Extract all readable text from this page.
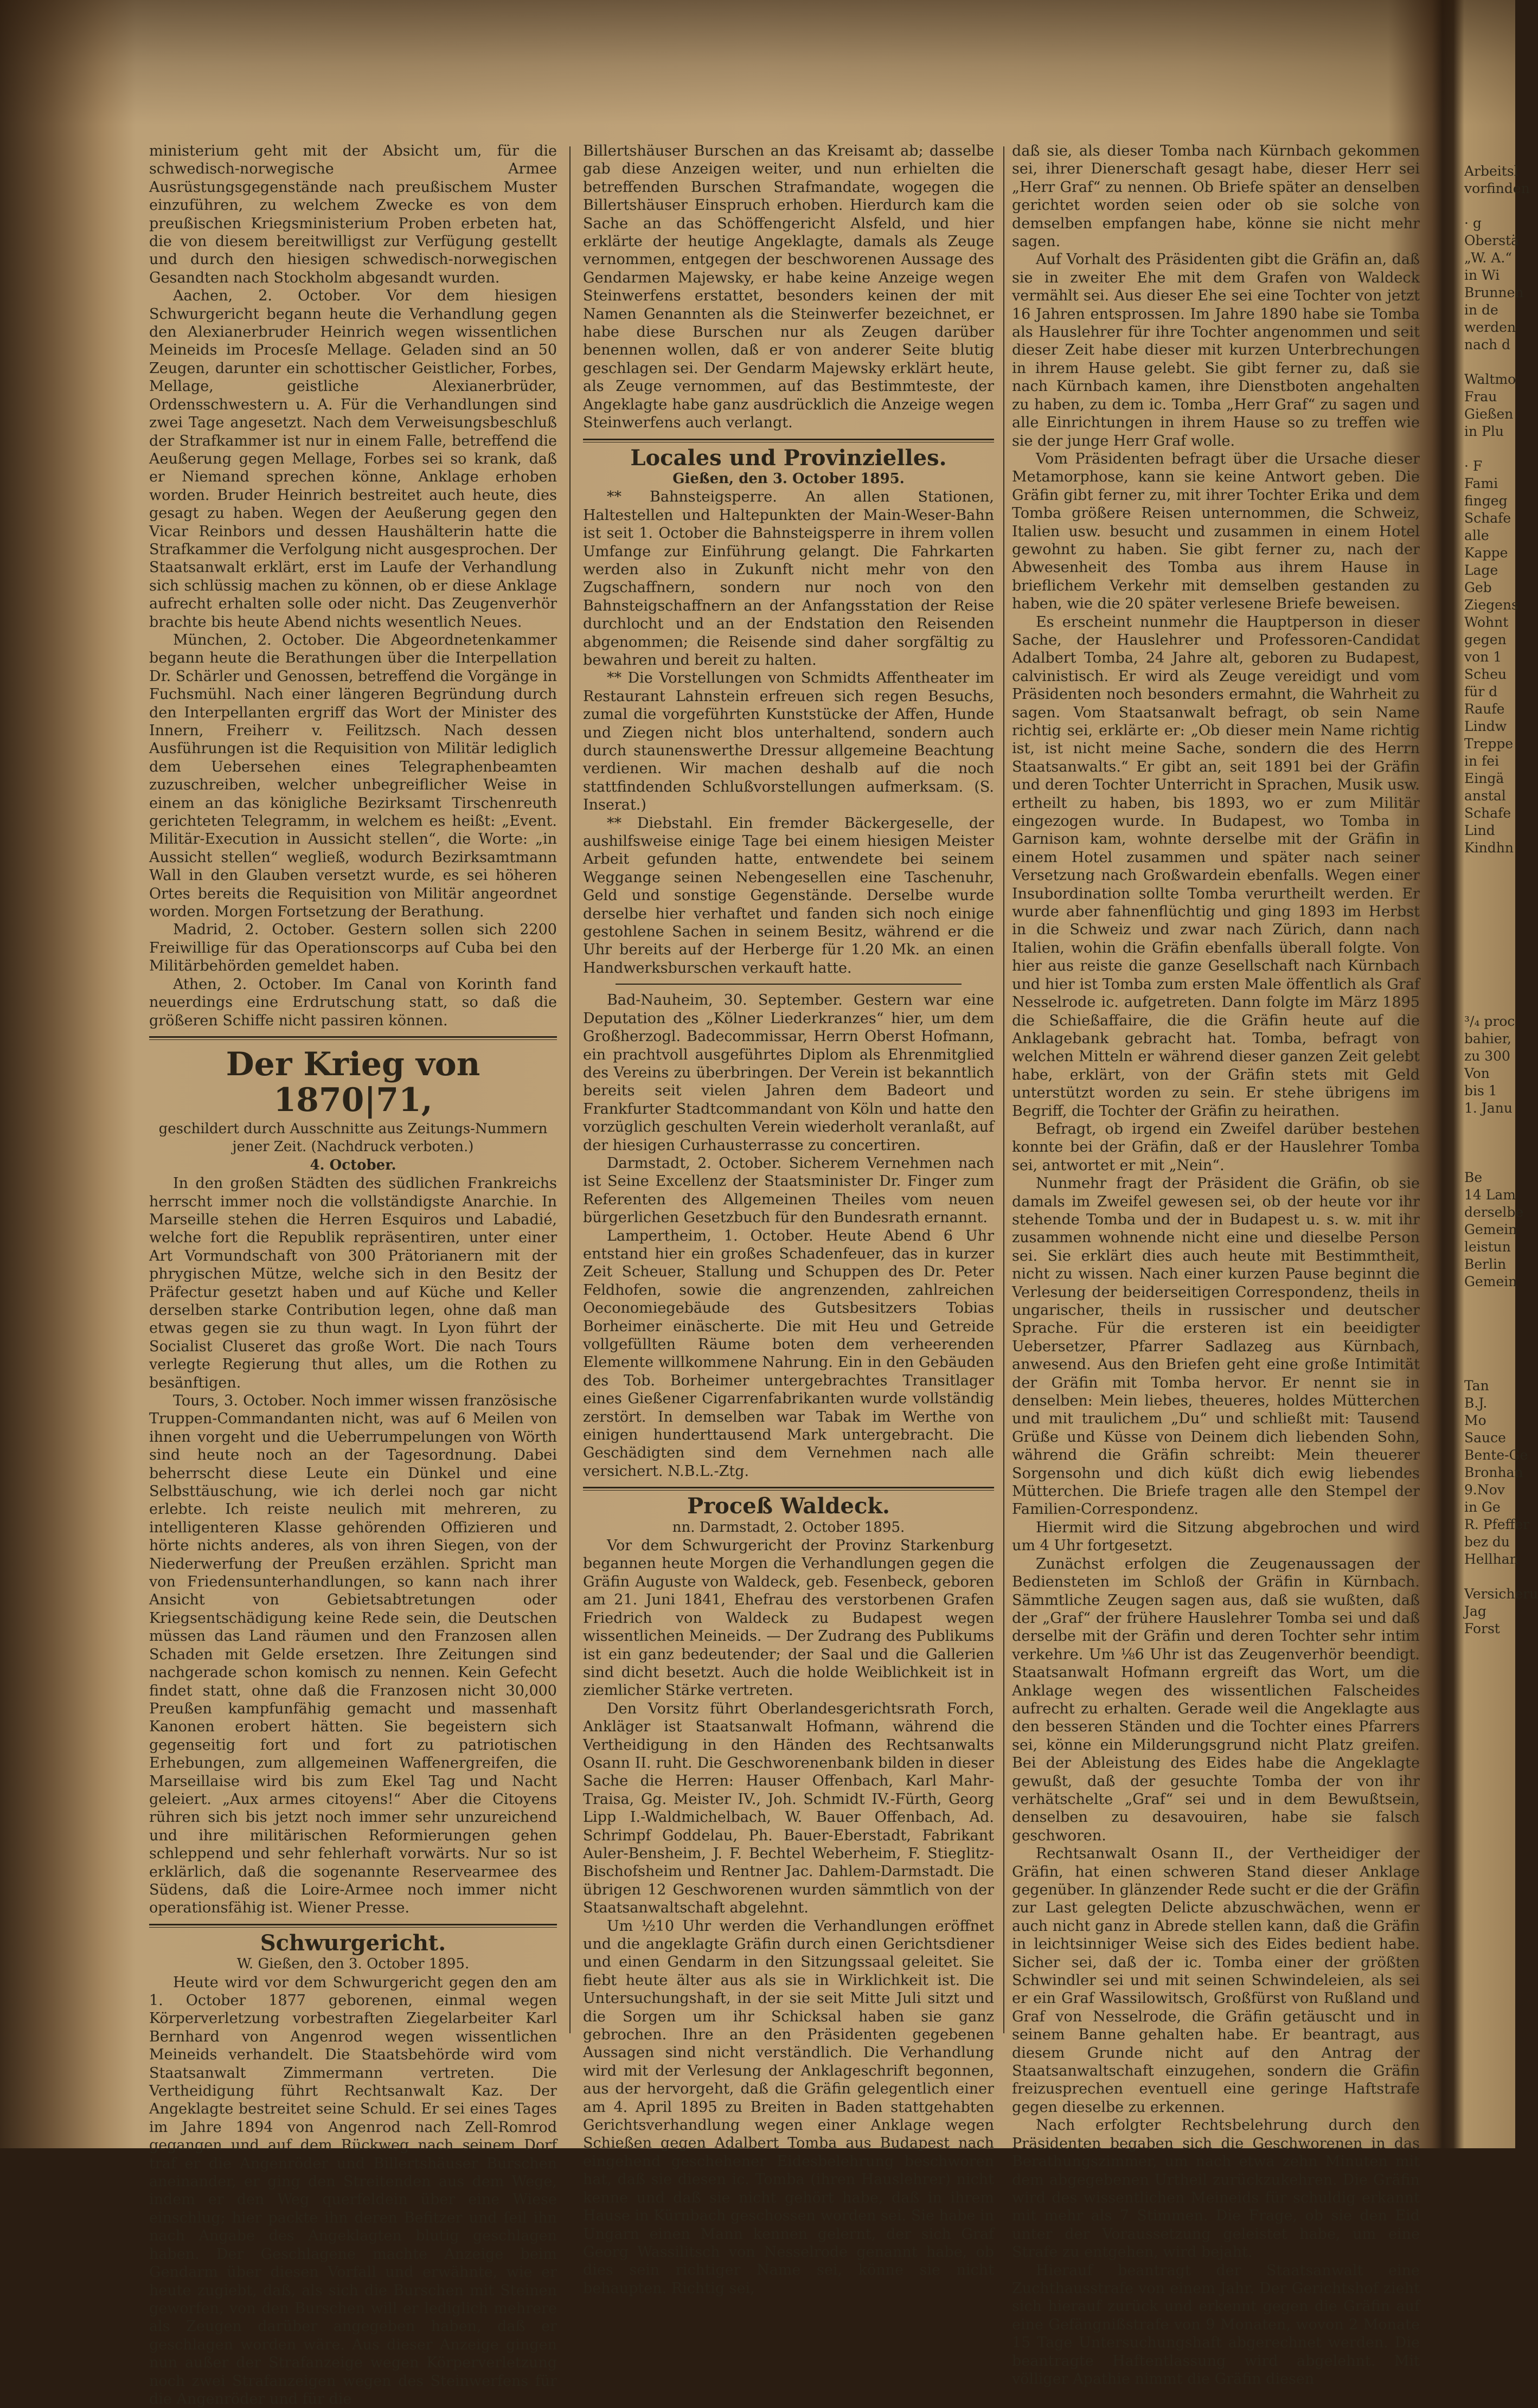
ministerium geht mit der Absicht um, für die schwedisch-norwegische Armee Ausrüstungsgegenstände nach preußischem Muster einzuführen, zu welchem Zwecke es von dem preußischen Kriegsministerium Proben erbeten hat, die von diesem bereitwilligst zur Verfügung gestellt und durch den hiesigen schwedisch-norwegischen Gesandten nach Stockholm abgesandt wurden.

Aachen, 2. October. Vor dem hiesigen Schwurgericht begann heute die Verhandlung gegen den Alexianerbruder Heinrich wegen wissentlichen Meineids im Procesſe Mellage. Geladen sind an 50 Zeugen, darunter ein schottischer Geistlicher, Forbes, Mellage, geistliche Alexianerbrüder, Ordensschwestern u. A. Für die Verhandlungen sind zwei Tage angesetzt. Nach dem Verweisungsbeschluß der Strafkammer ist nur in einem Falle, betreffend die Aeußerung gegen Mellage, Forbes sei so krank, daß er Niemand sprechen könne, Anklage erhoben worden. Bruder Heinrich bestreitet auch heute, dies gesagt zu haben. Wegen der Aeußerung gegen den Vicar Reinbors und dessen Haushälterin hatte die Strafkammer die Verfolgung nicht ausgesprochen. Der Staatsanwalt erklärt, erst im Laufe der Verhandlung sich schlüssig machen zu können, ob er diese Anklage aufrecht erhalten solle oder nicht. Das Zeugenverhör brachte bis heute Abend nichts wesentlich Neues.

München, 2. October. Die Abgeordnetenkammer begann heute die Berathungen über die Interpellation Dr. Schärler und Genossen, betreffend die Vorgänge in Fuchsmühl. Nach einer längeren Begründung durch den Interpellanten ergriff das Wort der Minister des Innern, Freiherr v. Feilitzsch. Nach dessen Ausführungen ist die Requisition von Militär lediglich dem Uebersehen eines Telegraphenbeamten zuzuschreiben, welcher unbegreiflicher Weise in einem an das königliche Bezirksamt Tirschenreuth gerichteten Telegramm, in welchem es heißt: „Event. Militär-Execution in Aussicht stellen“, die Worte: „in Aussicht stellen“ wegließ, wodurch Bezirksamtmann Wall in den Glauben versetzt wurde, es sei höheren Ortes bereits die Requisition von Militär angeordnet worden. Morgen Fortsetzung der Berathung.

Madrid, 2. October. Gestern sollen sich 2200 Freiwillige für das Operationscorps auf Cuba bei den Militärbehörden gemeldet haben.

Athen, 2. October. Im Canal von Korinth fand neuerdings eine Erdrutschung statt, so daß die größeren Schiffe nicht passiren können.

Der Krieg von 1870|71,

geschildert durch Ausschnitte aus Zeitungs-Nummern jener Zeit. (Nachdruck verboten.)

4. October.

In den großen Städten des südlichen Frankreichs herrscht immer noch die vollständigste Anarchie. In Marseille stehen die Herren Esquiros und Labadié, welche fort die Republik repräsentiren, unter einer Art Vormundschaft von 300 Prätorianern mit der phrygischen Mütze, welche sich in den Besitz der Präfectur gesetzt haben und auf Küche und Keller derselben starke Contribution legen, ohne daß man etwas gegen sie zu thun wagt. In Lyon führt der Socialist Cluseret das große Wort. Die nach Tours verlegte Regierung thut alles, um die Rothen zu besänftigen.

Tours, 3. October. Noch immer wissen französische Truppen-Commandanten nicht, was auf 6 Meilen von ihnen vorgeht und die Ueberrumpelungen von Wörth sind heute noch an der Tagesordnung. Dabei beherrscht diese Leute ein Dünkel und eine Selbsttäuschung, wie ich derlei noch gar nicht erlebte. Ich reiste neulich mit mehreren, zu intelligenteren Klasse gehörenden Offizieren und hörte nichts anderes, als von ihren Siegen, von der Niederwerfung der Preußen erzählen. Spricht man von Friedensunterhandlungen, so kann nach ihrer Ansicht von Gebietsabtretungen oder Kriegsentschädigung keine Rede sein, die Deutschen müssen das Land räumen und den Franzosen allen Schaden mit Gelde ersetzen. Ihre Zeitungen sind nachgerade schon komisch zu nennen. Kein Gefecht findet statt, ohne daß die Franzosen nicht 30,000 Preußen kampfunfähig gemacht und massenhaft Kanonen erobert hätten. Sie begeistern sich gegenseitig fort und fort zu patriotischen Erhebungen, zum allgemeinen Waffenergreifen, die Marseillaise wird bis zum Ekel Tag und Nacht geleiert. „Aux armes citoyens!“ Aber die Citoyens rühren sich bis jetzt noch immer sehr unzureichend und ihre militärischen Reformierungen gehen schleppend und sehr fehlerhaft vorwärts. Nur so ist erklärlich, daß die sogenannte Reservearmee des Südens, daß die Loire-Armee noch immer nicht operationsfähig ist. Wiener Presse.

Schwurgericht.

W. Gießen, den 3. October 1895.

Heute wird vor dem Schwurgericht gegen den am 1. October 1877 geborenen, einmal wegen Körperverletzung vorbestraften Ziegelarbeiter Karl Bernhard von Angenrod wegen wissentlichen Meineids verhandelt. Die Staatsbehörde wird vom Staatsanwalt Zimmermann vertreten. Die Vertheidigung führt Rechtsanwalt Kaz. Der Angeklagte bestreitet seine Schuld. Er sei eines Tages im Jahre 1894 von Angenrod nach Zell-Romrod gegangen und auf dem Rückweg nach seinem Dorf traf er die Angenröder und Billertshäuser Burschen aneinander, er ging den Streitenden aus dem Wege, indem er den Weg querfeldein über eine Wiese einschlug; hier packte ihn deren Befitzer und ſeil ihn nach Angabe des Angeklagten blutig geschlagen haben. Der Geschlagene machte Anzeige beim Gendarm über diesen Vorfall und erwähnte, wie er heute zugiebt, daß, als sich die Burschen mit Steinen geworfen, von den Burschen will er lediglich mehrere als Zeugen darüber angegeben haben, daß er geschlagen worden wäre. Aus dieser Anzeige gingen nun außer der Strafanzeige wegen Körperverletzung noch zwei Strafanzeigen wegen des Steinwerfens für die Angenröder und für die

Billertshäuser Burschen an das Kreisamt ab; dasselbe gab diese Anzeigen weiter, und nun erhielten die betreffenden Burschen Strafmandate, wogegen die Billertshäuser Einspruch erhoben. Hierdurch kam die Sache an das Schöffengericht Alsfeld, und hier erklärte der heutige Angeklagte, damals als Zeuge vernommen, entgegen der beschworenen Aussage des Gendarmen Majewsky, er habe keine Anzeige wegen Steinwerfens erstattet, besonders keinen der mit Namen Genannten als die Steinwerfer bezeichnet, er habe diese Burschen nur als Zeugen darüber benennen wollen, daß er von anderer Seite blutig geschlagen sei. Der Gendarm Majewsky erklärt heute, als Zeuge vernommen, auf das Bestimmteste, der Angeklagte habe ganz ausdrücklich die Anzeige wegen Steinwerfens auch verlangt.

Locales und Provinzielles.

Gießen, den 3. October 1895.

** Bahnsteigsperre. An allen Stationen, Haltestellen und Haltepunkten der Main-Weser-Bahn ist seit 1. October die Bahnsteigsperre in ihrem vollen Umfange zur Einführung gelangt. Die Fahrkarten werden also in Zukunft nicht mehr von den Zugschaffnern, sondern nur noch von den Bahnsteigschaffnern an der Anfangsstation der Reise durchlocht und an der Endstation den Reisenden abgenommen; die Reisende sind daher sorgfältig zu bewahren und bereit zu halten.

** Die Vorstellungen von Schmidts Affentheater im Restaurant Lahnstein erfreuen sich regen Besuchs, zumal die vorgeführten Kunststücke der Affen, Hunde und Ziegen nicht blos unterhaltend, sondern auch durch staunenswerthe Dressur allgemeine Beachtung verdienen. Wir machen deshalb auf die noch stattfindenden Schlußvorstellungen aufmerksam. (S. Inserat.)

** Diebstahl. Ein fremder Bäckergeselle, der aushilfsweise einige Tage bei einem hiesigen Meister Arbeit gefunden hatte, entwendete bei seinem Weggange seinen Nebengesellen eine Taschenuhr, Geld und sonstige Gegenstände. Derselbe wurde derselbe hier verhaftet und fanden sich noch einige gestohlene Sachen in seinem Besitz, während er die Uhr bereits auf der Herberge für 1.20 Mk. an einen Handwerksburschen verkauft hatte.

Bad-Nauheim, 30. September. Gestern war eine Deputation des „Kölner Liederkranzes“ hier, um dem Großherzogl. Badecommissar, Herrn Oberst Hofmann, ein prachtvoll ausgeführtes Diplom als Ehrenmitglied des Vereins zu überbringen. Der Verein ist bekanntlich bereits seit vielen Jahren dem Badeort und Frankfurter Stadtcommandant von Köln und hatte den vorzüglich geschulten Verein wiederholt veranlaßt, auf der hiesigen Curhausterrasse zu concertiren.

Darmstadt, 2. October. Sicherem Vernehmen nach ist Seine Excellenz der Staatsminister Dr. Finger zum Referenten des Allgemeinen Theiles vom neuen bürgerlichen Gesetzbuch für den Bundesrath ernannt.

Lampertheim, 1. October. Heute Abend 6 Uhr entstand hier ein großes Schadenfeuer, das in kurzer Zeit Scheuer, Stallung und Schuppen des Dr. Peter Feldhofen, sowie die angrenzenden, zahlreichen Oeconomiegebäude des Gutsbesitzers Tobias Borheimer einäscherte. Die mit Heu und Getreide vollgefüllten Räume boten dem verheerenden Elemente willkommene Nahrung. Ein in den Gebäuden des Tob. Borheimer untergebrachtes Transitlager eines Gießener Cigarrenfabrikanten wurde vollständig zerstört. In demselben war Tabak im Werthe von einigen hunderttausend Mark untergebracht. Die Geschädigten sind dem Vernehmen nach alle versichert. N.B.L.-Ztg.

Proceß Waldeck.

nn. Darmstadt, 2. October 1895.

Vor dem Schwurgericht der Provinz Starkenburg begannen heute Morgen die Verhandlungen gegen die Gräfin Auguste von Waldeck, geb. Fesenbeck, geboren am 21. Juni 1841, Ehefrau des verstorbenen Grafen Friedrich von Waldeck zu Budapest wegen wissentlichen Meineids. — Der Zudrang des Publikums ist ein ganz bedeutender; der Saal und die Gallerien sind dicht besetzt. Auch die holde Weiblichkeit ist in ziemlicher Stärke vertreten.

Den Vorsitz führt Oberlandesgerichtsrath Forch, Ankläger ist Staatsanwalt Hofmann, während die Vertheidigung in den Händen des Rechtsanwalts Osann II. ruht. Die Geschworenenbank bilden in dieser Sache die Herren: Hauser Offenbach, Karl Mahr-Traisa, Gg. Meister IV., Joh. Schmidt IV.-Fürth, Georg Lipp I.-Waldmichelbach, W. Bauer Offenbach, Ad. Schrimpf Goddelau, Ph. Bauer-Eberstadt, Fabrikant Auler-Bensheim, J. F. Bechtel Weberheim, F. Stieglitz-Bischofsheim und Rentner Jac. Dahlem-Darmstadt. Die übrigen 12 Geschworenen wurden sämmtlich von der Staatsanwaltschaft abgelehnt.

Um ½10 Uhr werden die Verhandlungen eröffnet und die angeklagte Gräfin durch einen Gerichtsdiener und einen Gendarm in den Sitzungssaal geleitet. Sie fiebt heute älter aus als sie in Wirklichkeit ist. Die Untersuchungshaft, in der sie seit Mitte Juli sitzt und die Sorgen um ihr Schicksal haben sie ganz gebrochen. Ihre an den Präsidenten gegebenen Aussagen sind nicht verständlich. Die Verhandlung wird mit der Verlesung der Anklageschrift begonnen, aus der hervorgeht, daß die Gräfin gelegentlich einer am 4. April 1895 zu Breiten in Baden stattgehabten Gerichtsverhandlung wegen einer Anklage wegen Schießen gegen Adalbert Tomba aus Budapest nach eingehend geschehener Eidesbelehrung beschworen hat, daß sie diesen ic. Tomba (ihren Hauslehrer) nicht kenne und daß sie nicht gehört habe, daß in ihrem Hause in Kürnbach geschossen worden sei. Sie habe in Ungarn einen Mann kennen gelernt, der sich Graf Georg Wassilitsch von Nesselrode genannt habe, ob dies sein richtiger Name sei, könne sie nicht behaupten. Richtig sei,

daß sie, als dieser Tomba nach Kürnbach gekommen sei, ihrer Dienerschaft gesagt habe, dieser Herr sei „Herr Graf“ zu nennen. Ob Briefe später an denselben gerichtet worden seien oder ob sie solche von demselben empfangen habe, könne sie nicht mehr sagen.

Auf Vorhalt des Präsidenten gibt die Gräfin an, daß sie in zweiter Ehe mit dem Grafen von Waldeck vermählt sei. Aus dieser Ehe sei eine Tochter von jetzt 16 Jahren entsprossen. Im Jahre 1890 habe sie Tomba als Hauslehrer für ihre Tochter angenommen und seit dieser Zeit habe dieser mit kurzen Unterbrechungen in ihrem Hause gelebt. Sie gibt ferner zu, daß sie nach Kürnbach kamen, ihre Dienstboten angehalten zu haben, zu dem ic. Tomba „Herr Graf“ zu sagen und alle Einrichtungen in ihrem Hause so zu treffen wie sie der junge Herr Graf wolle.

Vom Präsidenten befragt über die Ursache dieser Metamorphose, kann sie keine Antwort geben. Die Gräfin gibt ferner zu, mit ihrer Tochter Erika und dem Tomba größere Reisen unternommen, die Schweiz, Italien usw. besucht und zusammen in einem Hotel gewohnt zu haben. Sie gibt ferner zu, nach der Abwesenheit des Tomba aus ihrem Hause in brieflichem Verkehr mit demselben gestanden zu haben, wie die 20 später verlesene Briefe beweisen.

Es erscheint nunmehr die Hauptperson in dieser Sache, der Hauslehrer und Professoren-Candidat Adalbert Tomba, 24 Jahre alt, geboren zu Budapest, calvinistisch. Er wird als Zeuge vereidigt und vom Präsidenten noch besonders ermahnt, die Wahrheit zu sagen. Vom Staatsanwalt befragt, ob sein Name richtig sei, erklärte er: „Ob dieser mein Name richtig ist, ist nicht meine Sache, sondern die des Herrn Staatsanwalts.“ Er gibt an, seit 1891 bei der Gräfin und deren Tochter Unterricht in Sprachen, Musik usw. ertheilt zu haben, bis 1893, wo er zum Militär eingezogen wurde. In Budapest, wo Tomba in Garnison kam, wohnte derselbe mit der Gräfin in einem Hotel zusammen und später nach seiner Versetzung nach Großwardein ebenfalls. Wegen einer Insubordination sollte Tomba verurtheilt werden. Er wurde aber fahnenflüchtig und ging 1893 im Herbst in die Schweiz und zwar nach Zürich, dann nach Italien, wohin die Gräfin ebenfalls überall folgte. Von hier aus reiste die ganze Gesellschaft nach Kürnbach und hier ist Tomba zum ersten Male öffentlich als Graf Nesselrode ic. aufgetreten. Dann folgte im März 1895 die Schießaffaire, die die Gräfin heute auf die Anklagebank gebracht hat. Tomba, befragt von welchen Mitteln er während dieser ganzen Zeit gelebt habe, erklärt, von der Gräfin stets mit Geld unterstützt worden zu sein. Er stehe übrigens im Begriff, die Tochter der Gräfin zu heirathen.

Befragt, ob irgend ein Zweifel darüber bestehen konnte bei der Gräfin, daß er der Hauslehrer Tomba sei, antwortet er mit „Nein“.

Nunmehr fragt der Präsident die Gräfin, ob sie damals im Zweifel gewesen sei, ob der heute vor ihr stehende Tomba und der in Budapest u. s. w. mit ihr zusammen wohnende nicht eine und dieselbe Person sei. Sie erklärt dies auch heute mit Bestimmtheit, nicht zu wissen. Nach einer kurzen Pause beginnt die Verlesung der beiderseitigen Correspondenz, theils in ungarischer, theils in russischer und deutscher Sprache. Für die ersteren ist ein beeidigter Uebersetzer, Pfarrer Sadlazeg aus Kürnbach, anwesend. Aus den Briefen geht eine große Intimität der Gräfin mit Tomba hervor. Er nennt sie in denselben: Mein liebes, theueres, holdes Mütterchen und mit traulichem „Du“ und schließt mit: Tausend Grüße und Küsse von Deinem dich liebenden Sohn, während die Gräfin schreibt: Mein theuerer Sorgensohn und dich küßt dich ewig liebendes Mütterchen. Die Briefe tragen alle den Stempel der Familien-Correspondenz.

Hiermit wird die Sitzung abgebrochen und wird um 4 Uhr fortgesetzt.

Zunächst erfolgen die Zeugenaussagen der Bediensteten im Schloß der Gräfin in Kürnbach. Sämmtliche Zeugen sagen aus, daß sie wußten, daß der „Graf“ der frühere Hauslehrer Tomba sei und daß derselbe mit der Gräfin und deren Tochter sehr intim verkehre. Um ⅛6 Uhr ist das Zeugenverhör beendigt. Staatsanwalt Hofmann ergreift das Wort, um die Anklage wegen des wissentlichen Falscheides aufrecht zu erhalten. Gerade weil die Angeklagte aus den besseren Ständen und die Tochter eines Pfarrers sei, könne ein Milderungsgrund nicht Platz greifen. Bei der Ableistung des Eides habe die Angeklagte gewußt, daß der gesuchte Tomba der von ihr verhätschelte „Graf“ sei und in dem Bewußtsein, denselben zu desavouiren, habe sie falsch geschworen.

Rechtsanwalt Osann II., der Vertheidiger der Gräfin, hat einen schweren Stand dieser Anklage gegenüber. In glänzender Rede sucht er die der Gräfin zur Last gelegten Delicte abzuschwächen, wenn er auch nicht ganz in Abrede stellen kann, daß die Gräfin in leichtsinniger Weise sich des Eides bedient habe. Sicher sei, daß der ic. Tomba einer der größten Schwindler sei und mit seinen Schwindeleien, als sei er ein Graf Wassilowitsch, Großfürst von Rußland und Graf von Nesselrode, die Gräfin getäuscht und in seinem Banne gehalten habe. Er beantragt, aus diesem Grunde nicht auf den Antrag der Staatsanwaltschaft einzugehen, sondern die Gräfin freizusprechen eventuell eine geringe Haftstrafe gegen dieselbe zu erkennen.

Nach erfolgter Rechtsbelehrung durch den Präsidenten begaben sich die Geschworenen in das Berathungszimmer, um nach etwa zehn Minuten mit dem abgegebenen Urtheil zurückzukehren. Die Gräfin wird des wissentlichen Meineids für schuldig erkannt mit mehr als 7 Stimmen. Die Frage, ob sie den Eid unter der Voraussetzung geleistet habe, um eine Strafe zu entgehen, wird bejaht.

Hierauf beantragt der Staatsanwalt eine Zuchthausstrafe von einem Jahr. Der Gerichtshof zieht sich hierauf zurück und erkennt gegen die Gräfin auf eine Gefängnißstrafe von 9 Monaten, wovon 2 Monate 15 Tage Untersuchungshaft abgerechnet werden. Die beantragte Haftentlassung wird abgelehnt. Mit völliger Apathie nimmt die Gräfin diesen

Arbeitsl

vorfinden

· g

Oberstä

„W. A.“

in Wi

Brunnen

in de

werden

nach d

Waltmo

Frau

Gießen

in Plu

· F

Fami

fingeg

Schafe

alle

Kappe

Lage

Geb

Ziegens

Wohnt

gegen

von 1

Scheu

für d

Raufe

Lindw

Treppe

in fei

Eingä

anstal

Schafe

Lind

Kindhn

³/₄ proc

bahier,

zu 300

Von

bis 1

1. Janu

Be

14 Lam

derselbe

Gemein

leistun

Berlin

Gemein

Tan

B.J.

Mo

Sauce

Bente-Ge

Bronhan

9.Nov

in Ge

R. Pfeffer

bez du

Hellhan

Versicheru

Jag

Forst
